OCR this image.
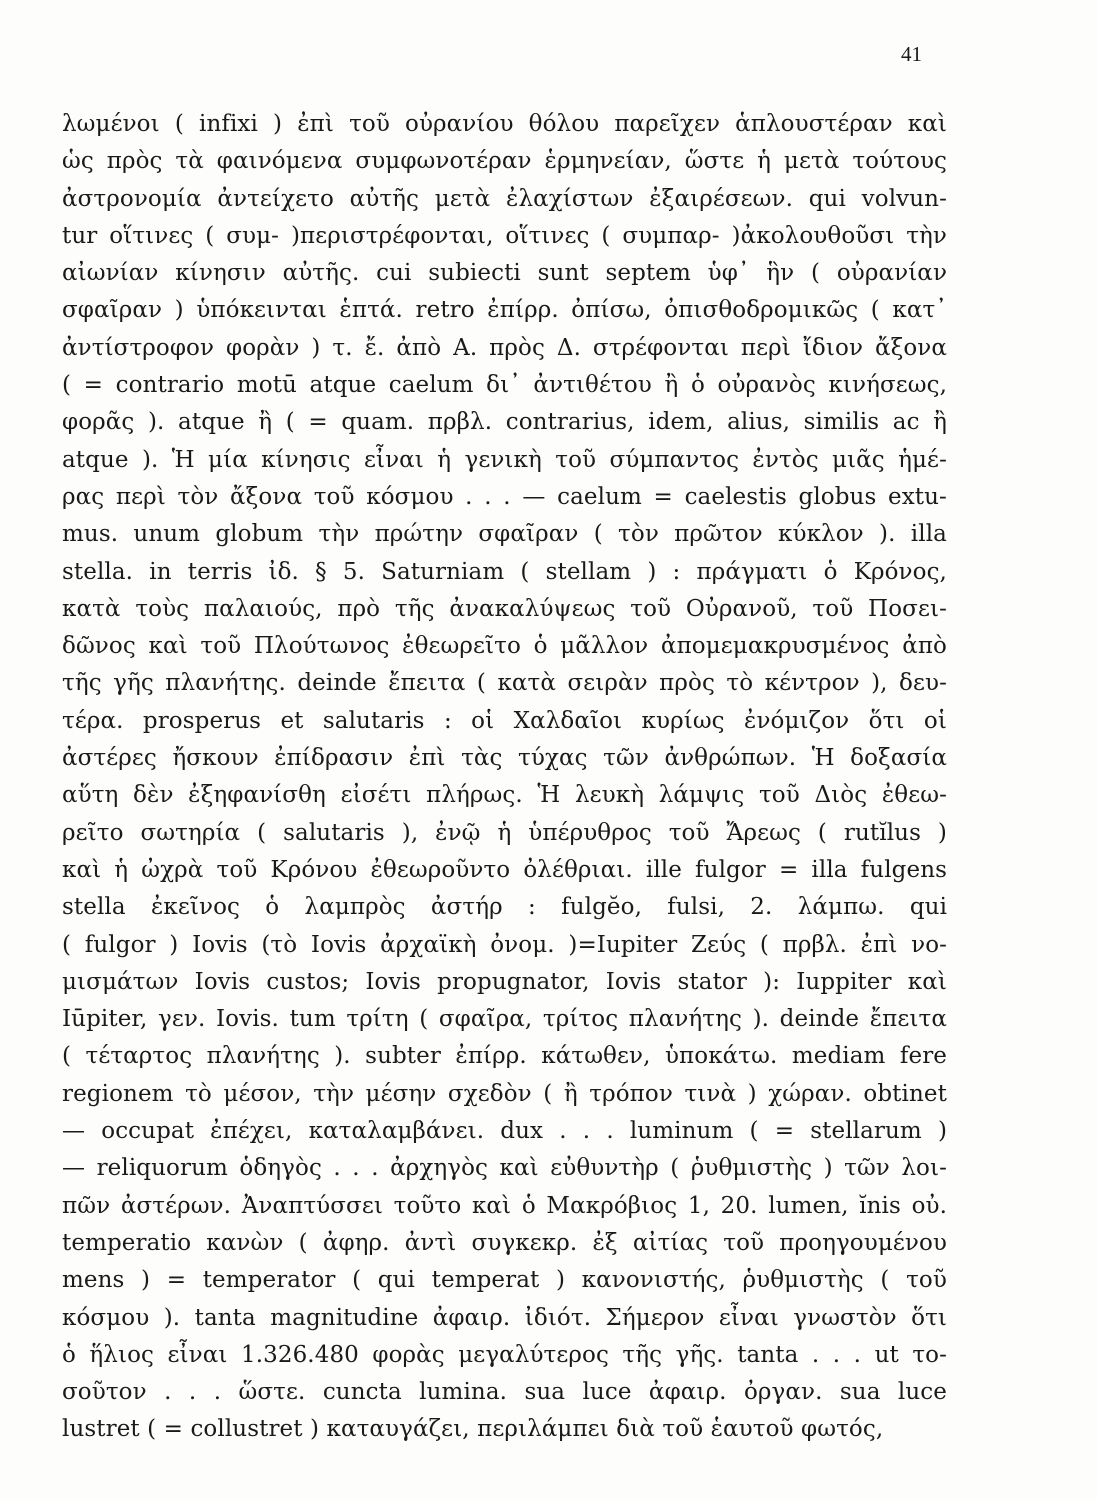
41
λωμένοι ( infixi ) ἐπὶ τοῦ οὐρανίου θόλου παρεῖχεν ἁπλουστέραν καὶ
ὡς πρὸς τὰ φαινόμενα συμφωνοτέραν ἑρμηνείαν, ὥστε ἡ μετὰ τούτους
ἀστρονομία ἀντείχετο αὐτῆς μετὰ ἐλαχίστων ἐξαιρέσεων. qui volvun-
tur οἵτινες ( συμ- )περιστρέφονται, οἵτινες ( συμπαρ- )ἀκολουθοῦσι τὴν
αἰωνίαν κίνησιν αὐτῆς. cui subiecti sunt septem ὑφ᾽ ἣν ( οὐρανίαν
σφαῖραν ) ὑπόκεινται ἑπτά. retro ἐπίρρ. ὀπίσω, ὀπισθοδρομικῶς ( κατ᾽
ἀντίστροφον φορὰν ) τ. ἔ. ἀπὸ Α. πρὸς Δ. στρέφονται περὶ ἴδιον ἄξονα
( = contrario motū atque caelum δι᾽ ἀντιθέτου ἢ ὁ οὐρανὸς κινήσεως,
φορᾶς ). atque ἢ ( = quam. πρβλ. contrarius, idem, alius, similis ac ἢ
atque ). Ἡ μία κίνησις εἶναι ἡ γενικὴ τοῦ σύμπαντος ἐντὸς μιᾶς ἡμέ-
ρας περὶ τὸν ἄξονα τοῦ κόσμου . . . — caelum = caelestis globus extu-
mus. unum globum τὴν πρώτην σφαῖραν ( τὸν πρῶτον κύκλον ). illa
stella. in terris ἰδ. § 5. Saturniam ( stellam ) : πράγματι ὁ Κρόνος,
κατὰ τοὺς παλαιούς, πρὸ τῆς ἀνακαλύψεως τοῦ Οὐρανοῦ, τοῦ Ποσει-
δῶνος καὶ τοῦ Πλούτωνος ἐθεωρεῖτο ὁ μᾶλλον ἀπομεμακρυσμένος ἀπὸ
τῆς γῆς πλανήτης. deinde ἔπειτα ( κατὰ σειρὰν πρὸς τὸ κέντρον ), δευ-
τέρα. prosperus et salutaris : οἱ Χαλδαῖοι κυρίως ἐνόμιζον ὅτι οἱ
ἀστέρες ἤσκουν ἐπίδρασιν ἐπὶ τὰς τύχας τῶν ἀνθρώπων. Ἡ δοξασία
αὕτη δὲν ἐξηφανίσθη εἰσέτι πλήρως. Ἡ λευκὴ λάμψις τοῦ Διὸς ἐθεω-
ρεῖτο σωτηρία ( salutaris ), ἐνῷ ἡ ὑπέρυθρος τοῦ Ἄρεως ( rutĭlus )
καὶ ἡ ὠχρὰ τοῦ Κρόνου ἐθεωροῦντο ὀλέθριαι. ille fulgor = illa fulgens
stella ἐκεῖνος ὁ λαμπρὸς ἀστήρ : fulgĕo, fulsi, 2. λάμπω. qui
( fulgor ) Iovis (τὸ Iovis ἀρχαϊκὴ ὀνομ. )=Iupiter Ζεύς ( πρβλ. ἐπὶ νο-
μισμάτων Iovis custos; Iovis propugnator, Iovis stator ): Iuppiter καὶ
Iūpiter, γεν. Iovis. tum τρίτη ( σφαῖρα, τρίτος πλανήτης ). deinde ἔπειτα
( τέταρτος πλανήτης ). subter ἐπίρρ. κάτωθεν, ὑποκάτω. mediam fere
regionem τὸ μέσον, τὴν μέσην σχεδὸν ( ἢ τρόπον τινὰ ) χώραν. obtinet
— occupat ἐπέχει, καταλαμβάνει. dux . . . luminum ( = stellarum )
— reliquorum ὁδηγὸς . . . ἀρχηγὸς καὶ εὐθυντὴρ ( ῥυθμιστὴς ) τῶν λοι-
πῶν ἀστέρων. Ἀναπτύσσει τοῦτο καὶ ὁ Μακρόβιος 1, 20. lumen, ĭnis οὐ.
temperatio κανὼν ( ἀφηρ. ἀντὶ συγκεκρ. ἐξ αἰτίας τοῦ προηγουμένου
mens ) = temperator ( qui temperat ) κανονιστής, ῥυθμιστὴς ( τοῦ
κόσμου ). tanta magnitudine ἀφαιρ. ἰδιότ. Σήμερον εἶναι γνωστὸν ὅτι
ὁ ἥλιος εἶναι 1.326.480 φορὰς μεγαλύτερος τῆς γῆς. tanta . . . ut το-
σοῦτον . . . ὥστε. cuncta lumina. sua luce ἀφαιρ. ὀργαν. sua luce
lustret ( = collustret ) καταυγάζει, περιλάμπει διὰ τοῦ ἑαυτοῦ φωτός,
